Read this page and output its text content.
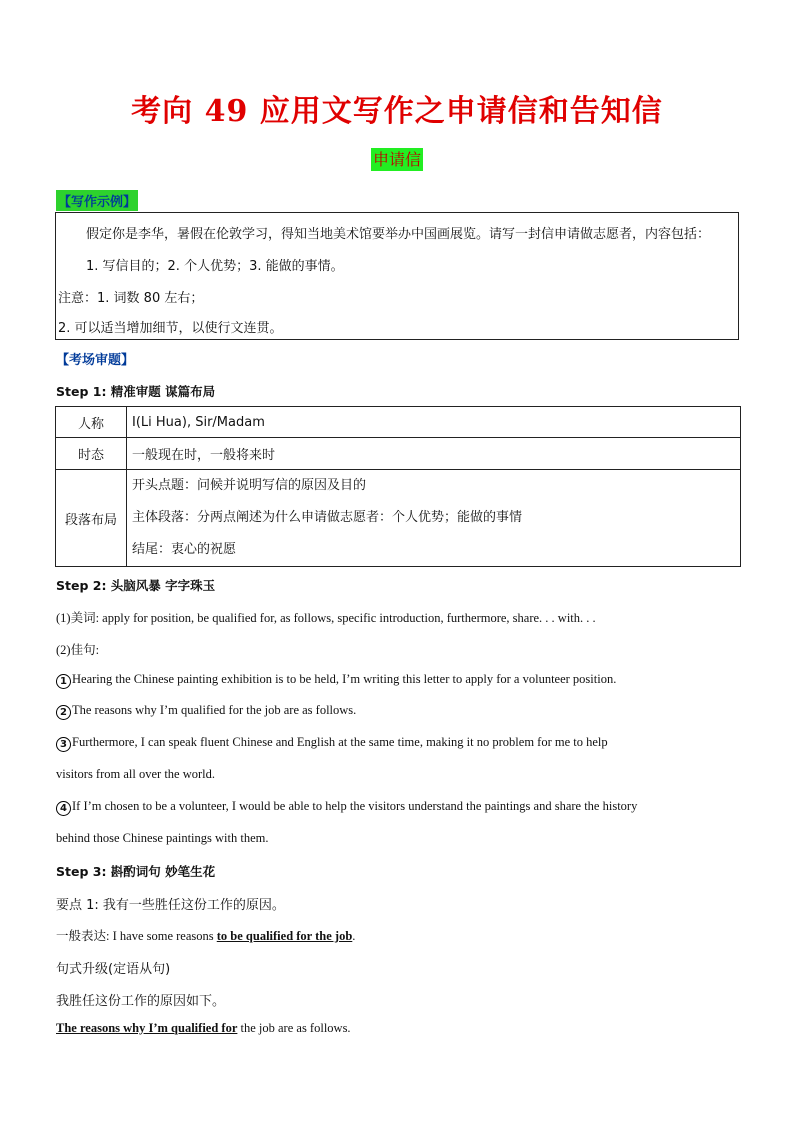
考向 49 应用文写作之申请信和告知信
申请信
【写作示例】
假定你是李华，暑假在伦敦学习，得知当地美术馆要举办中国画展览。请写一封信申请做志愿者，内容包括：
1. 写信目的；2. 个人优势；3. 能做的事情。
注意：1. 词数 80 左右；
2. 可以适当增加细节，以使行文连贯。
【考场审题】
Step 1: 精准审题 谋篇布局
人称	I(Li Hua), Sir/Madam
时态	一般现在时，一般将来时
段落布局	开头点题：问候并说明写信的原因及目的
主体段落：分两点阐述为什么申请做志愿者：个人优势；能做的事情
结尾：衷心的祝愿
Step 2: 头脑风暴 字字珠玉
(1)美词: apply for position, be qualified for, as follows, specific introduction, furthermore, share. . . with. . .
(2)佳句:
1 Hearing the Chinese painting exhibition is to be held, I’m writing this letter to apply for a volunteer position.
2 The reasons why I’m qualified for the job are as follows.
3 Furthermore, I can speak fluent Chinese and English at the same time, making it no problem for me to help
visitors from all over the world.
4 If I’m chosen to be a volunteer, I would be able to help the visitors understand the paintings and share the history
behind those Chinese paintings with them.
Step 3: 斟酌词句 妙笔生花
要点 1: 我有一些胜任这份工作的原因。
一般表达: I have some reasons to be qualified for the job.
句式升级(定语从句)
我胜任这份工作的原因如下。
The reasons why I’m qualified for the job are as follows.
